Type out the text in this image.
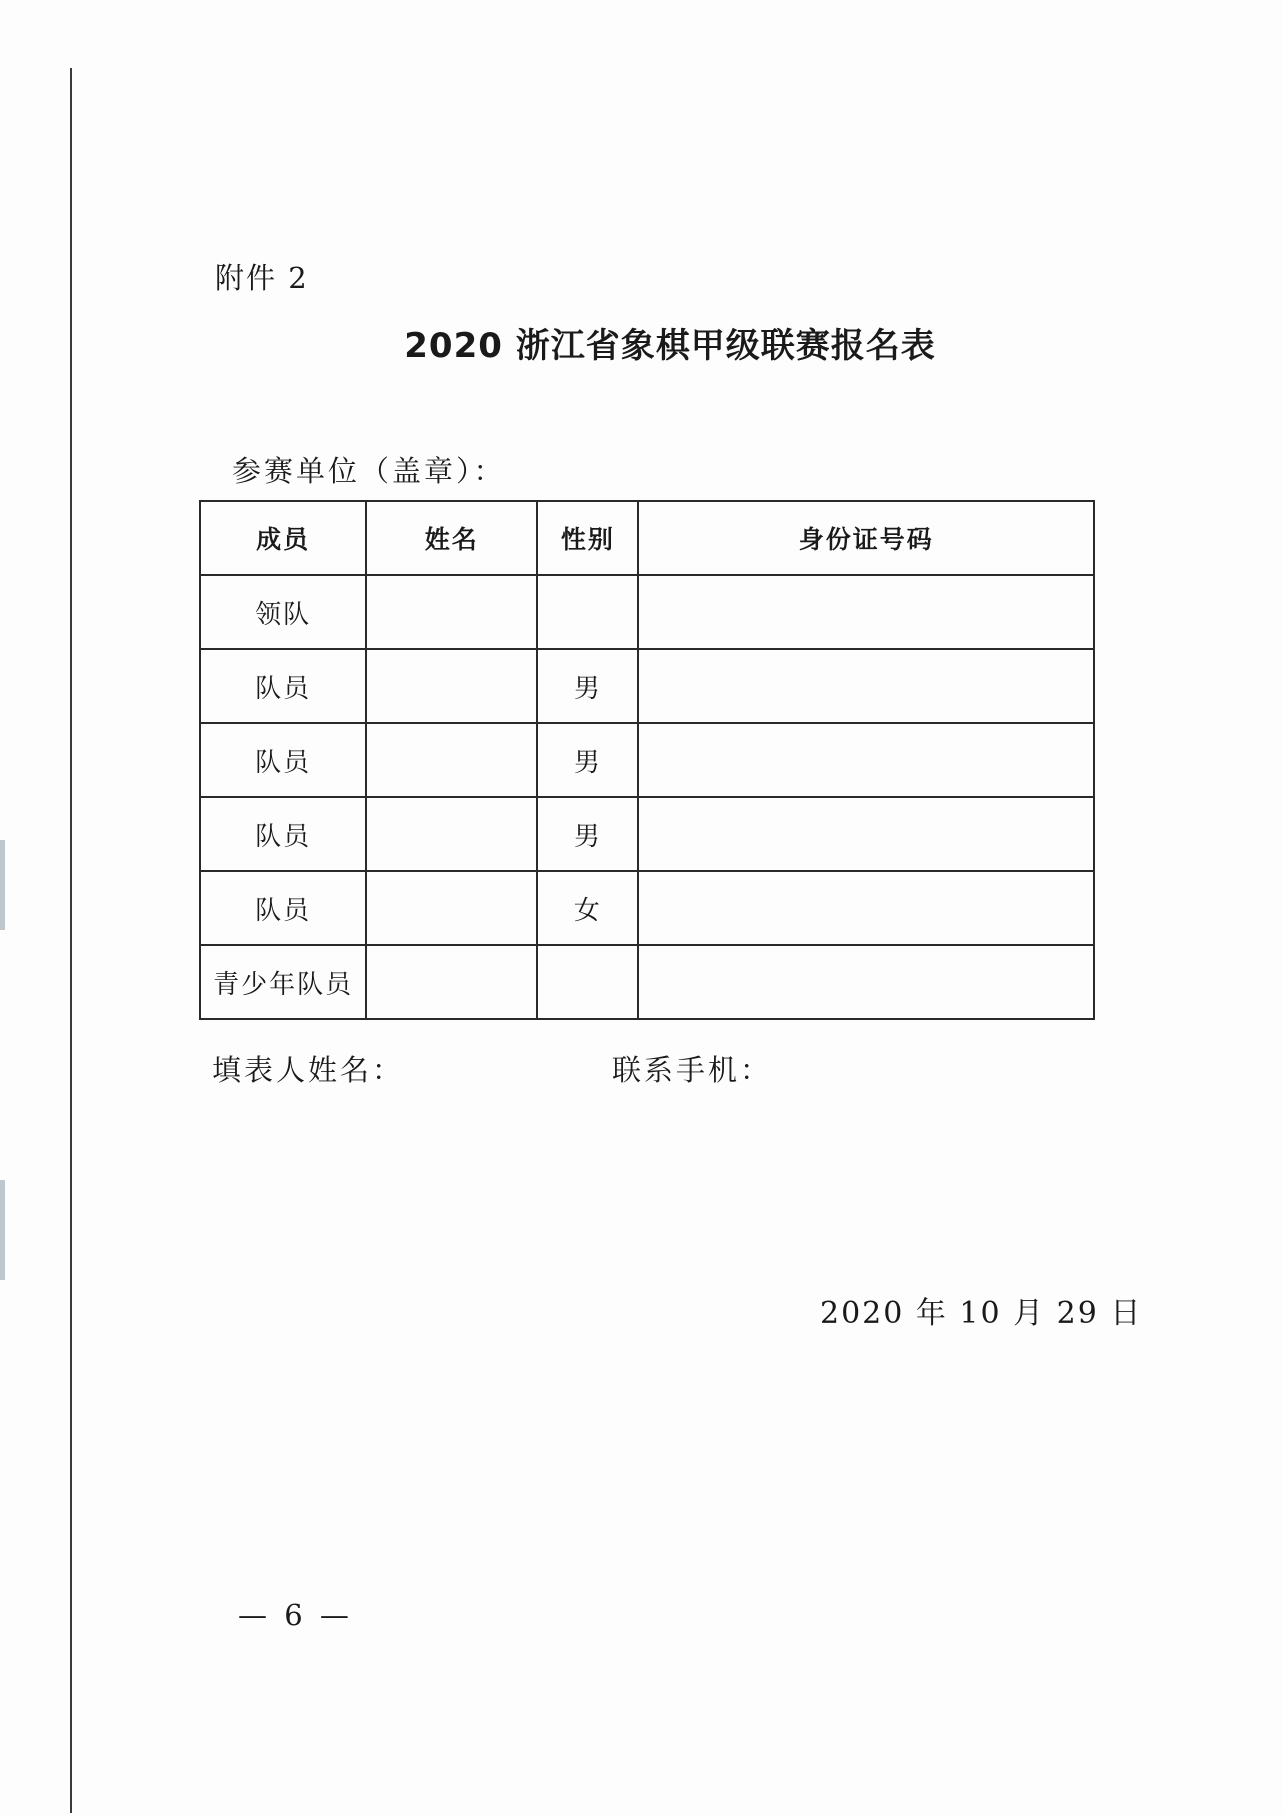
附件 2
2020 浙江省象棋甲级联赛报名表
参赛单位（盖章）：
成员	姓名	性别	身份证号码
领队			
队员		男	
队员		男	
队员		男	
队员		女	
青少年队员			
填表人姓名：	联系手机：
2020 年 10 月 29 日
— 6 —
